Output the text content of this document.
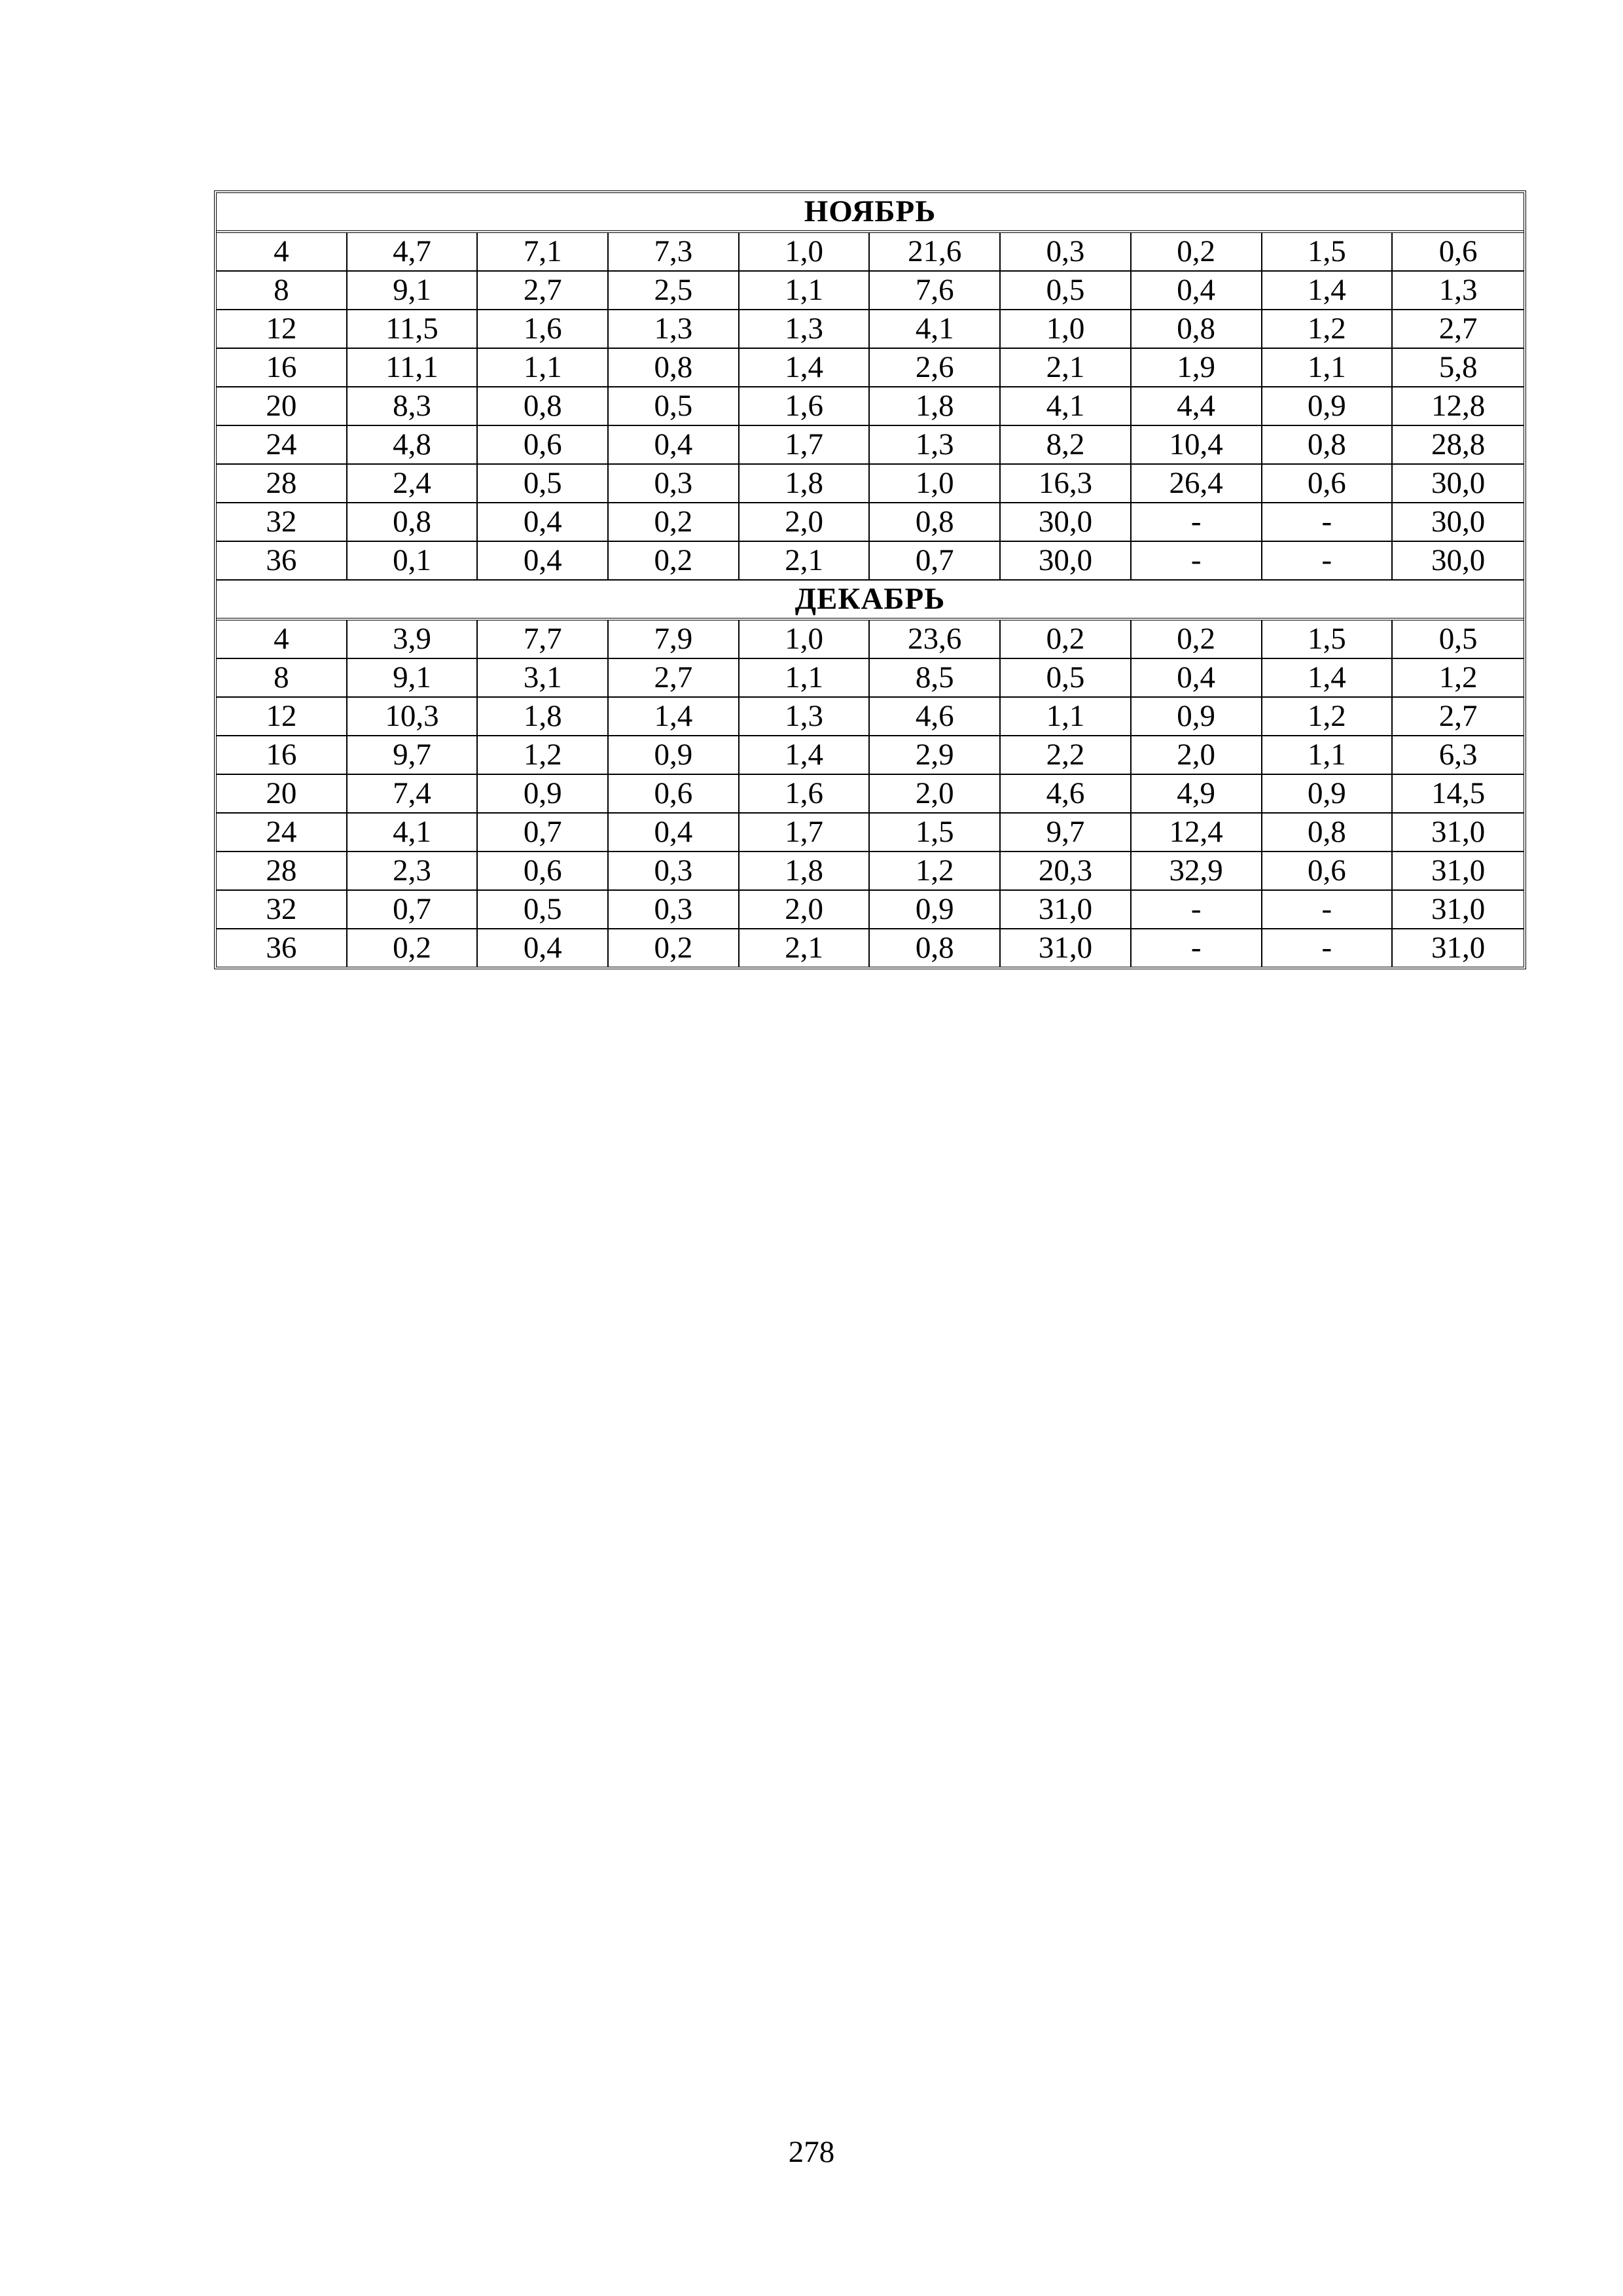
НОЯБРЬ									
4	4,7	7,1	7,3	1,0	21,6	0,3	0,2	1,5	0,6
8	9,1	2,7	2,5	1,1	7,6	0,5	0,4	1,4	1,3
12	11,5	1,6	1,3	1,3	4,1	1,0	0,8	1,2	2,7
16	11,1	1,1	0,8	1,4	2,6	2,1	1,9	1,1	5,8
20	8,3	0,8	0,5	1,6	1,8	4,1	4,4	0,9	12,8
24	4,8	0,6	0,4	1,7	1,3	8,2	10,4	0,8	28,8
28	2,4	0,5	0,3	1,8	1,0	16,3	26,4	0,6	30,0
32	0,8	0,4	0,2	2,0	0,8	30,0	-	-	30,0
36	0,1	0,4	0,2	2,1	0,7	30,0	-	-	30,0
ДЕКАБРЬ									
4	3,9	7,7	7,9	1,0	23,6	0,2	0,2	1,5	0,5
8	9,1	3,1	2,7	1,1	8,5	0,5	0,4	1,4	1,2
12	10,3	1,8	1,4	1,3	4,6	1,1	0,9	1,2	2,7
16	9,7	1,2	0,9	1,4	2,9	2,2	2,0	1,1	6,3
20	7,4	0,9	0,6	1,6	2,0	4,6	4,9	0,9	14,5
24	4,1	0,7	0,4	1,7	1,5	9,7	12,4	0,8	31,0
28	2,3	0,6	0,3	1,8	1,2	20,3	32,9	0,6	31,0
32	0,7	0,5	0,3	2,0	0,9	31,0	-	-	31,0
36	0,2	0,4	0,2	2,1	0,8	31,0	-	-	31,0
278
